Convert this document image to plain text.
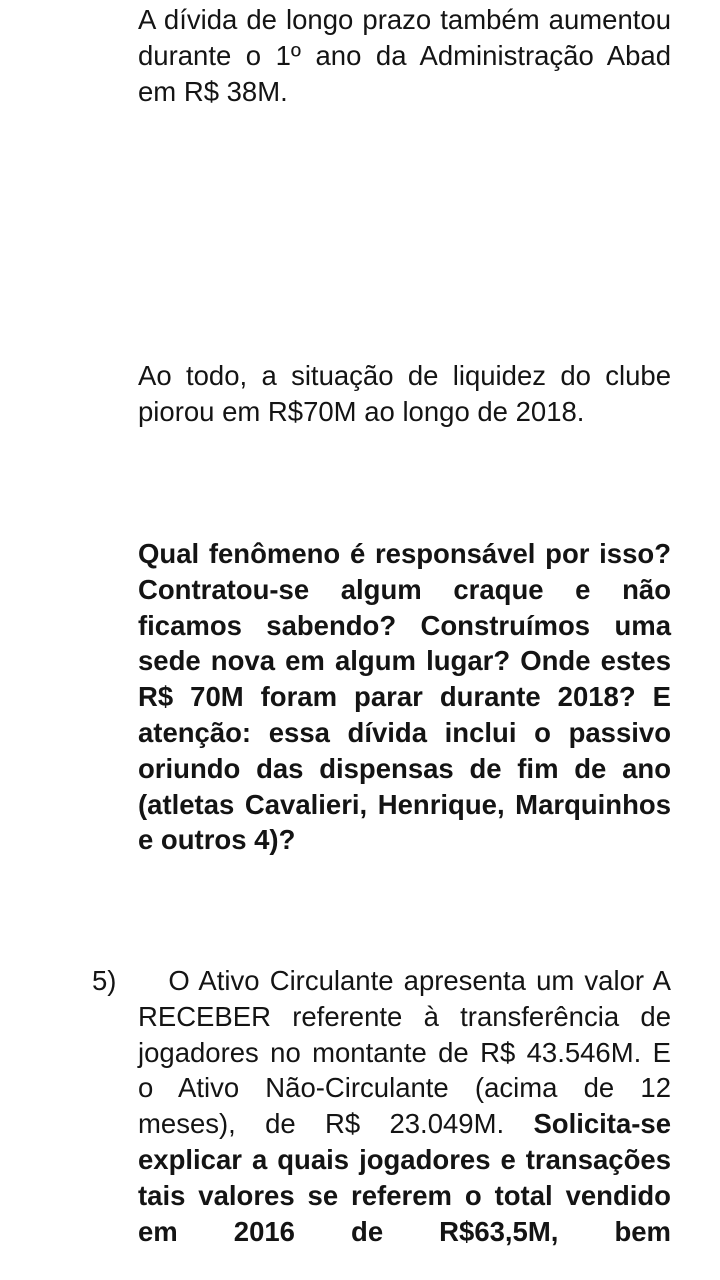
A dívida de longo prazo também aumentou durante o 1º ano da Administração Abad em R$ 38M.

Ao todo, a situação de liquidez do clube piorou em R$70M ao longo de 2018.

Qual fenômeno é responsável por isso? Contratou-se algum craque e não ficamos sabendo? Construímos uma sede nova em algum lugar? Onde estes R$ 70M foram parar durante 2018? E atenção: essa dívida inclui o passivo oriundo das dispensas de fim de ano (atletas Cavalieri, Henrique, Marquinhos e outros 4)?

5)	O Ativo Circulante apresenta um valor A RECEBER referente à transferência de jogadores no montante de R$ 43.546M. E o Ativo Não-Circulante (acima de 12 meses), de R$ 23.049M. Solicita-se explicar a quais jogadores e transações tais valores se referem o total vendido em 2016 de R$63,5M, bem
